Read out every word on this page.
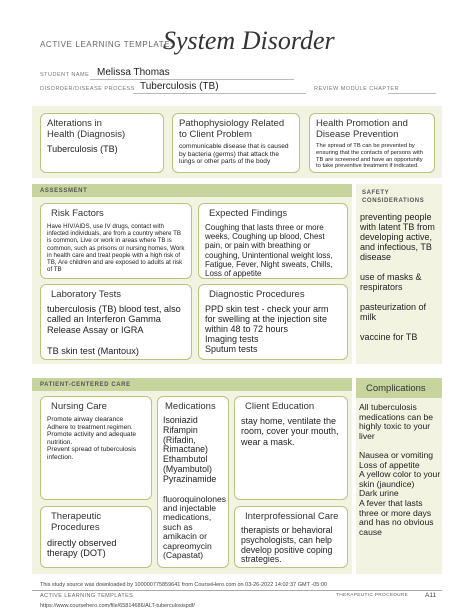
ACTIVE LEARNING TEMPLATE:
System Disorder
STUDENT NAME Melissa Thomas
DISORDER/DISEASE PROCESS Tuberculosis (TB)	REVIEW MODULE CHAPTER
Alterations in
Health (Diagnosis)
Tuberculosis (TB)
Pathophysiology Related
to Client Problem
communicable disease that is caused by bacteria (germs) that attack the lungs or other parts of the body
Health Promotion and
Disease Prevention
The spread of TB can be prevented by ensuring that the contacts of persons with TB are screened and have an opportunity to take preventive treatment if indicated.
ASSESSMENT
Risk Factors
Have HIV/AIDS, use IV drugs, contact with infected individuals, are from a country where TB is common, Live or work in areas where TB is common, such as prisons or nursing homes, Work in health care and treat people with a high risk of TB, Are children and are exposed to adults at risk of TB
Expected Findings
Coughing that lasts three or more weeks, Coughing up blood, Chest pain, or pain with breathing or coughing, Unintentional weight loss, Fatigue, Fever, Night sweats, Chills, Loss of appetite
Laboratory Tests
tuberculosis (TB) blood test, also called an Interferon Gamma Release Assay or IGRA

TB skin test (Mantoux)
Diagnostic Procedures
PPD skin test - check your arm for swelling at the injection site within 48 to 72 hours
Imaging tests
Sputum tests
SAFETY
CONSIDERATIONS
preventing people with latent TB from developing active, and infectious, TB disease

use of masks & respirators

pasteurization of milk

vaccine for TB
PATIENT-CENTERED CARE
Nursing Care
Promote airway clearance
Adhere to treatment regimen.
Promote activity and adequate nutrition.
Prevent spread of tuberculosis infection.
Medications
Isoniazid
Rifampin (Rifadin, Rimactane)
Ethambutol (Myambutol)
Pyrazinamide
fluoroquinolones and injectable medications, such as amikacin or capreomycin (Capastat)
Client Education
stay home, ventilate the room, cover your mouth, wear a mask.
Therapeutic Procedures
directly observed therapy (DOT)
Interprofessional Care
therapists or behavioral psychologists, can help develop positive coping strategies.
Complications
All tuberculosis medications can be highly toxic to your liver

Nausea or vomiting
Loss of appetite
A yellow color to your skin (jaundice)
Dark urine
A fever that lasts three or more days and has no obvious cause
This study source was downloaded by 100000775859641 from CourseHero.com on 03-26-2022 14:02:37 GMT -05:00
ACTIVE LEARNING TEMPLATES	THERAPEUTIC PROCEDURE	A11
https://www.coursehero.com/file/65814686/ALT-tuberculosispdf/
